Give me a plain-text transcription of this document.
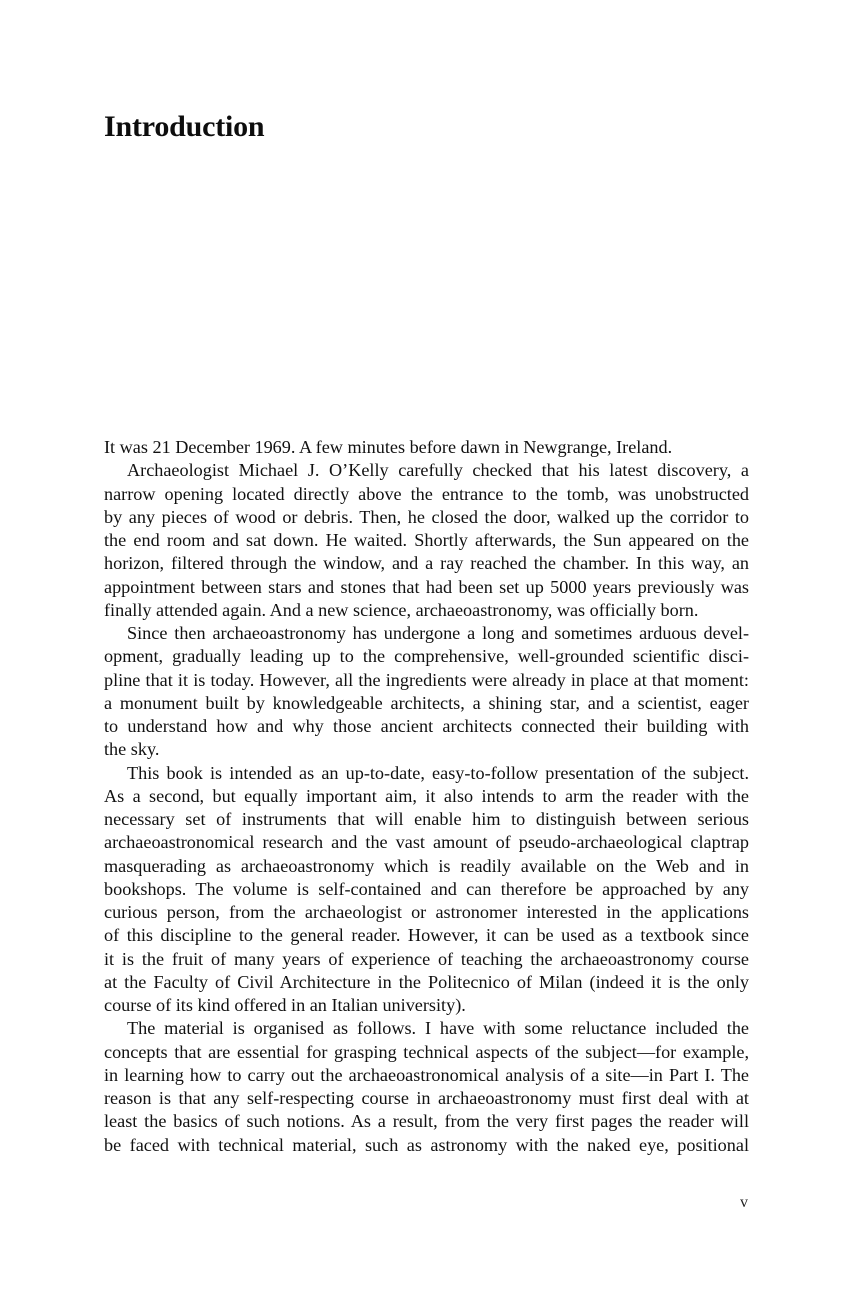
Introduction
It was 21 December 1969. A few minutes before dawn in Newgrange, Ireland.
Archaeologist Michael J. O’Kelly carefully checked that his latest discovery, a
narrow opening located directly above the entrance to the tomb, was unobstructed
by any pieces of wood or debris. Then, he closed the door, walked up the corridor to
the end room and sat down. He waited. Shortly afterwards, the Sun appeared on the
horizon, filtered through the window, and a ray reached the chamber. In this way, an
appointment between stars and stones that had been set up 5000 years previously was
finally attended again. And a new science, archaeoastronomy, was officially born.
Since then archaeoastronomy has undergone a long and sometimes arduous devel-
opment, gradually leading up to the comprehensive, well-grounded scientific disci-
pline that it is today. However, all the ingredients were already in place at that moment:
a monument built by knowledgeable architects, a shining star, and a scientist, eager
to understand how and why those ancient architects connected their building with
the sky.
This book is intended as an up-to-date, easy-to-follow presentation of the subject.
As a second, but equally important aim, it also intends to arm the reader with the
necessary set of instruments that will enable him to distinguish between serious
archaeoastronomical research and the vast amount of pseudo-archaeological claptrap
masquerading as archaeoastronomy which is readily available on the Web and in
bookshops. The volume is self-contained and can therefore be approached by any
curious person, from the archaeologist or astronomer interested in the applications
of this discipline to the general reader. However, it can be used as a textbook since
it is the fruit of many years of experience of teaching the archaeoastronomy course
at the Faculty of Civil Architecture in the Politecnico of Milan (indeed it is the only
course of its kind offered in an Italian university).
The material is organised as follows. I have with some reluctance included the
concepts that are essential for grasping technical aspects of the subject—for example,
in learning how to carry out the archaeoastronomical analysis of a site—in Part I. The
reason is that any self-respecting course in archaeoastronomy must first deal with at
least the basics of such notions. As a result, from the very first pages the reader will
be faced with technical material, such as astronomy with the naked eye, positional
v
